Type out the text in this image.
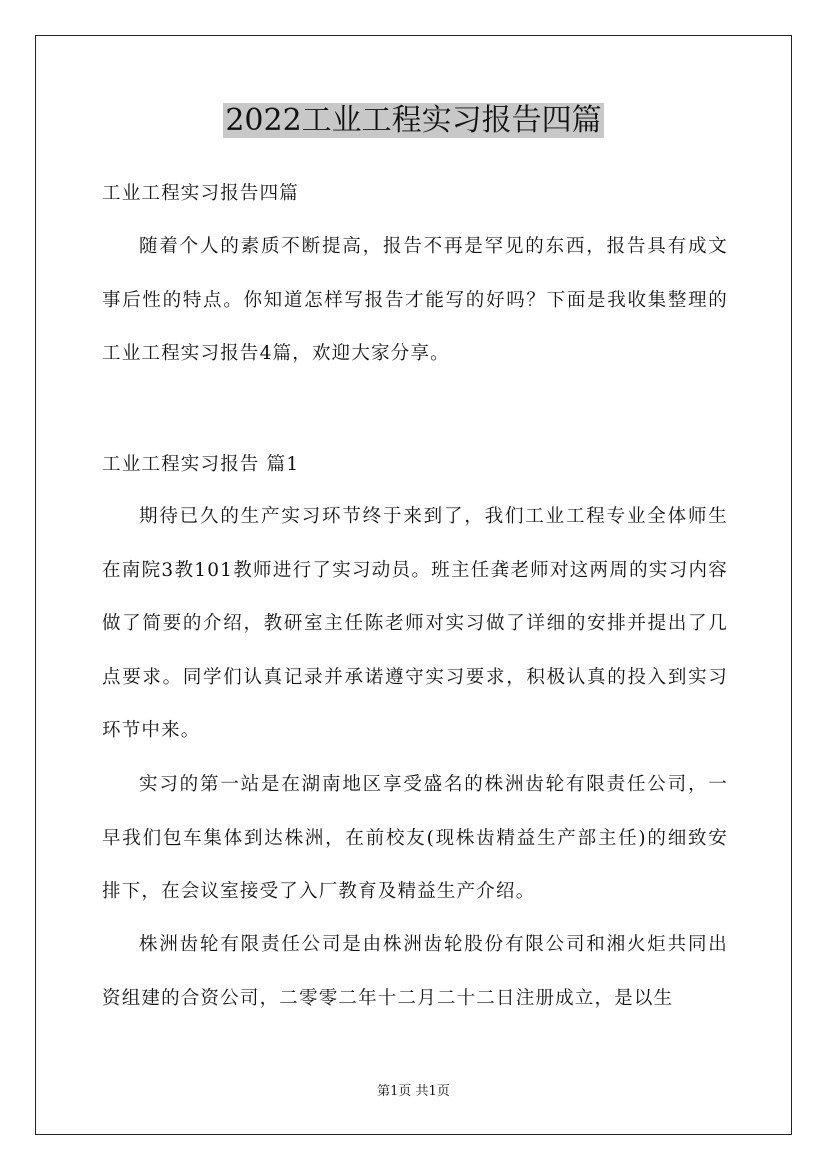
2022工业工程实习报告四篇

工业工程实习报告四篇

随着个人的素质不断提高，报告不再是罕见的东西，报告具有成文事后性的特点。你知道怎样写报告才能写的好吗？下面是我收集整理的工业工程实习报告4篇，欢迎大家分享。

工业工程实习报告 篇1

期待已久的生产实习环节终于来到了，我们工业工程专业全体师生在南院3教101教师进行了实习动员。班主任龚老师对这两周的实习内容做了简要的介绍，教研室主任陈老师对实习做了详细的安排并提出了几点要求。同学们认真记录并承诺遵守实习要求，积极认真的投入到实习环节中来。

实习的第一站是在湖南地区享受盛名的株洲齿轮有限责任公司，一早我们包车集体到达株洲，在前校友(现株齿精益生产部主任)的细致安排下，在会议室接受了入厂教育及精益生产介绍。

株洲齿轮有限责任公司是由株洲齿轮股份有限公司和湘火炬共同出资组建的合资公司，二零零二年十二月二十二日注册成立，是以生

第1页 共1页
